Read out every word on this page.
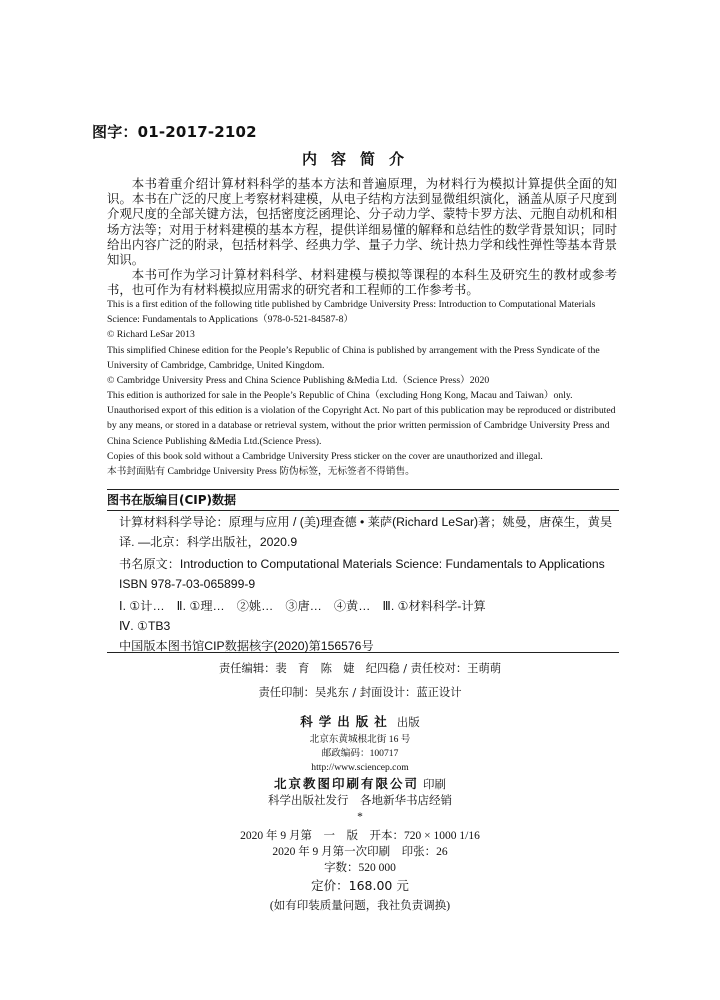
图字：01-2017-2102
内容简介

本书着重介绍计算材料科学的基本方法和普遍原理，为材料行为模拟计算提供全面的知识。本书在广泛的尺度上考察材料建模，从电子结构方法到显微组织演化，涵盖从原子尺度到介观尺度的全部关键方法，包括密度泛函理论、分子动力学、蒙特卡罗方法、元胞自动机和相场方法等；对用于材料建模的基本方程，提供详细易懂的解释和总结性的数学背景知识；同时给出内容广泛的附录，包括材料学、经典力学、量子力学、统计热力学和线性弹性等基本背景知识。

本书可作为学习计算材料科学、材料建模与模拟等课程的本科生及研究生的教材或参考书，也可作为有材料模拟应用需求的研究者和工程师的工作参考书。

This is a first edition of the following title published by Cambridge University Press: Introduction to Computational Materials Science: Fundamentals to Applications（978-0-521-84587-8）

© Richard LeSar 2013

This simplified Chinese edition for the People’s Republic of China is published by arrangement with the Press Syndicate of the University of Cambridge, Cambridge, United Kingdom.

© Cambridge University Press and China Science Publishing &Media Ltd.（Science Press）2020

This edition is authorized for sale in the People’s Republic of China（excluding Hong Kong, Macau and Taiwan）only. Unauthorised export of this edition is a violation of the Copyright Act. No part of this publication may be reproduced or distributed by any means, or stored in a database or retrieval system, without the prior written permission of Cambridge University Press and China Science Publishing &Media Ltd.(Science Press).

Copies of this book sold without a Cambridge University Press sticker on the cover are unauthorized and illegal.

本书封面贴有 Cambridge University Press 防伪标签，无标签者不得销售。

图书在版编目(CIP)数据

计算材料科学导论：原理与应用 / (美)理查德 • 莱萨(Richard LeSar)著；姚曼，唐葆生，黄昊译. —北京：科学出版社，2020.9

书名原文：Introduction to Computational Materials Science: Fundamentals to Applications

ISBN 978-7-03-065899-9

Ⅰ. ①计… Ⅱ. ①理… ②姚… ③唐… ④黄… Ⅲ. ①材料科学-计算

Ⅳ. ①TB3

中国版本图书馆CIP数据核字(2020)第156576号

责任编辑：裴　育　陈　婕　纪四稳 / 责任校对：王萌萌
责任印制：吴兆东 / 封面设计：蓝正设计
科学出版社 出版
北京东黄城根北街 16 号
邮政编码：100717
http://www.sciencep.com
北京教图印刷有限公司 印刷
科学出版社发行　各地新华书店经销
*
2020 年 9 月第　一　版　开本：720 × 1000 1/16
2020 年 9 月第一次印刷　印张：26
字数：520 000
定价：168.00 元
(如有印装质量问题，我社负责调换)
